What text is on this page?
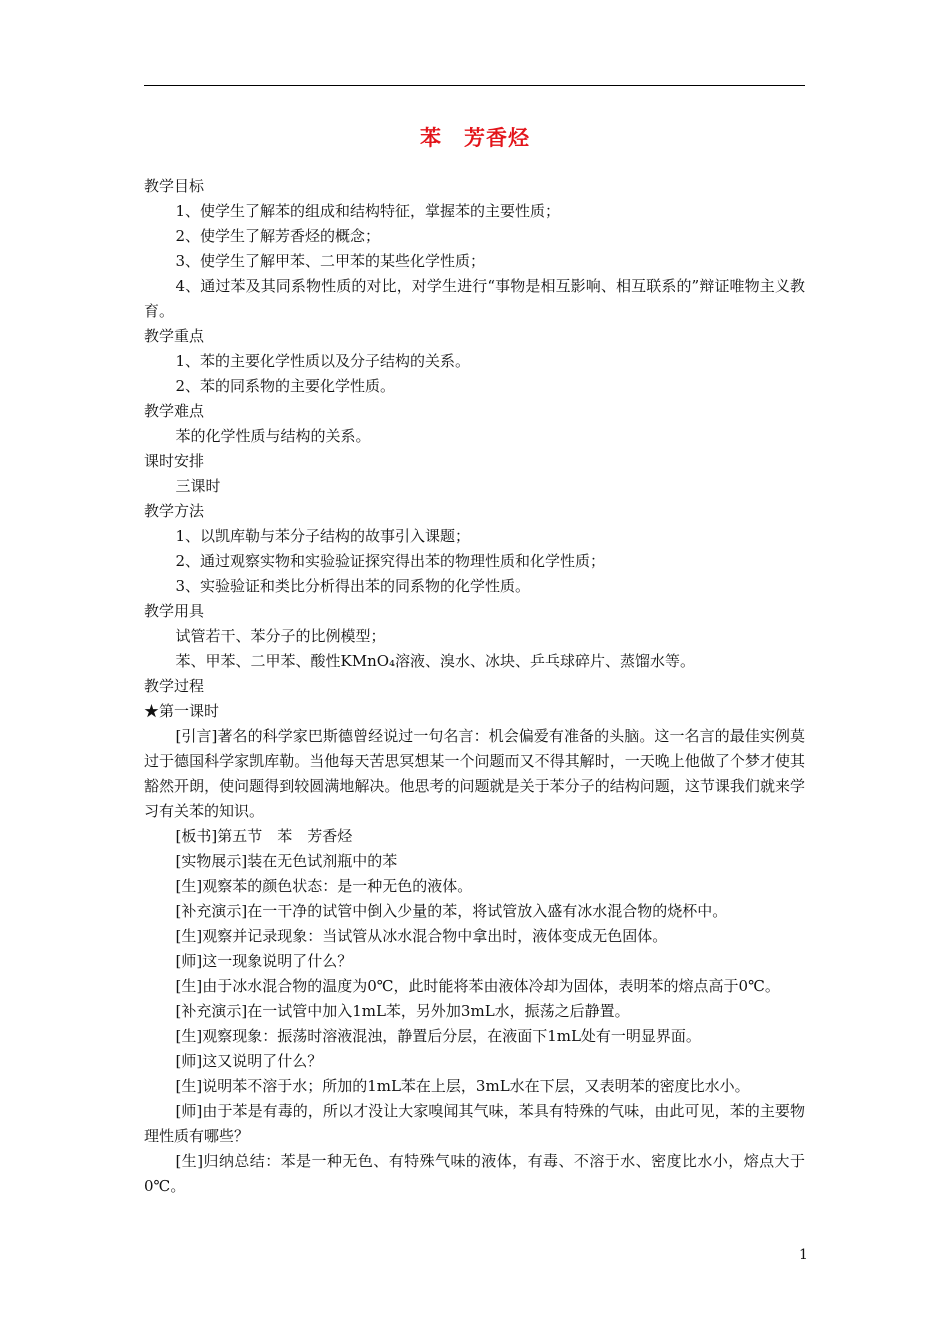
苯　芳香烃

教学目标

1、使学生了解苯的组成和结构特征，掌握苯的主要性质；

2、使学生了解芳香烃的概念；

3、使学生了解甲苯、二甲苯的某些化学性质；

4、通过苯及其同系物性质的对比，对学生进行“事物是相互影响、相互联系的”辩证唯物主义教育。

教学重点

1、苯的主要化学性质以及分子结构的关系。

2、苯的同系物的主要化学性质。

教学难点

苯的化学性质与结构的关系。

课时安排

三课时

教学方法

1、以凯库勒与苯分子结构的故事引入课题；

2、通过观察实物和实验验证探究得出苯的物理性质和化学性质；

3、实验验证和类比分析得出苯的同系物的化学性质。

教学用具

试管若干、苯分子的比例模型；

苯、甲苯、二甲苯、酸性KMnO₄溶液、溴水、冰块、乒乓球碎片、蒸馏水等。

教学过程

★第一课时

[引言]著名的科学家巴斯德曾经说过一句名言：机会偏爱有准备的头脑。这一名言的最佳实例莫过于德国科学家凯库勒。当他每天苦思冥想某一个问题而又不得其解时，一天晚上他做了个梦才使其豁然开朗，使问题得到较圆满地解决。他思考的问题就是关于苯分子的结构问题，这节课我们就来学习有关苯的知识。

[板书]第五节　苯　芳香烃

[实物展示]装在无色试剂瓶中的苯

[生]观察苯的颜色状态：是一种无色的液体。

[补充演示]在一干净的试管中倒入少量的苯，将试管放入盛有冰水混合物的烧杯中。

[生]观察并记录现象：当试管从冰水混合物中拿出时，液体变成无色固体。

[师]这一现象说明了什么？

[生]由于冰水混合物的温度为0℃，此时能将苯由液体冷却为固体，表明苯的熔点高于0℃。

[补充演示]在一试管中加入1mL苯，另外加3mL水，振荡之后静置。

[生]观察现象：振荡时溶液混浊，静置后分层，在液面下1mL处有一明显界面。

[师]这又说明了什么？

[生]说明苯不溶于水；所加的1mL苯在上层，3mL水在下层，又表明苯的密度比水小。

[师]由于苯是有毒的，所以才没让大家嗅闻其气味，苯具有特殊的气味，由此可见，苯的主要物理性质有哪些？

[生]归纳总结：苯是一种无色、有特殊气味的液体，有毒、不溶于水、密度比水小，熔点大于0℃。

1
